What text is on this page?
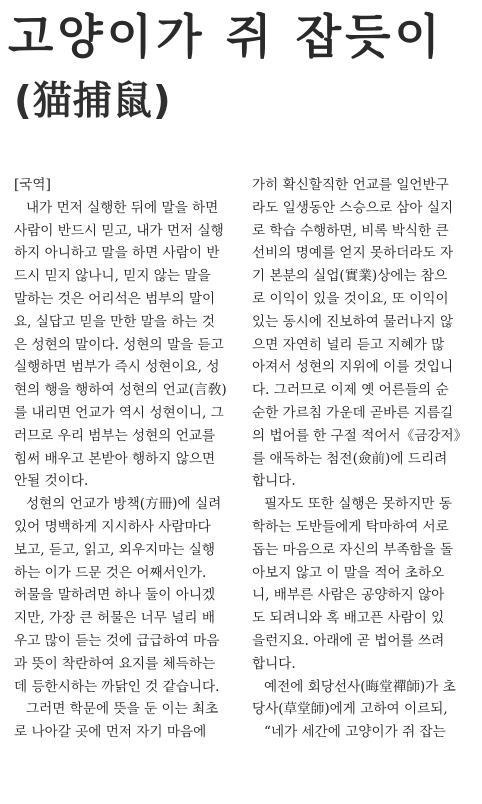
고양이가 쥐 잡듯이
(猫捕鼠)

[국역]

내가 먼저 실행한 뒤에 말을 하면

사람이 반드시 믿고, 내가 먼저 실행

하지 아니하고 말을 하면 사람이 반

드시 믿지 않나니, 믿지 않는 말을

말하는 것은 어리석은 범부의 말이

요, 실답고 믿을 만한 말을 하는 것

은 성현의 말이다. 성현의 말을 듣고

실행하면 범부가 즉시 성현이요, 성

현의 행을 행하여 성현의 언교(言敎)

를 내리면 언교가 역시 성현이니, 그

러므로 우리 범부는 성현의 언교를

힘써 배우고 본받아 행하지 않으면

안될 것이다.

성현의 언교가 방책(方冊)에 실려

있어 명백하게 지시하사 사람마다

보고, 듣고, 읽고, 외우지마는 실행

하는 이가 드문 것은 어째서인가.

허물을 말하려면 하나 둘이 아니겠

지만, 가장 큰 허물은 너무 널리 배

우고 많이 듣는 것에 급급하여 마음

과 뜻이 착란하여 요지를 체득하는

데 등한시하는 까닭인 것 같습니다.

그러면 학문에 뜻을 둔 이는 최초

로 나아갈 곳에 먼저 자기 마음에

가히 확신할직한 언교를 일언반구

라도 일생동안 스승으로 삼아 실지

로 학습 수행하면, 비록 박식한 큰

선비의 명예를 얻지 못하더라도 자

기 본분의 실업(實業)상에는 참으

로 이익이 있을 것이요, 또 이익이

있는 동시에 진보하여 물러나지 않

으면 자연히 널리 듣고 지혜가 많

아져서 성현의 지위에 이를 것입니

다. 그러므로 이제 옛 어른들의 순

순한 가르침 가운데 곧바른 지름길

의 법어를 한 구절 적어서《금강저》

를 애독하는 첨전(僉前)에 드리려

합니다.

필자도 또한 실행은 못하지만 동

학하는 도반들에게 탁마하여 서로

돕는 마음으로 자신의 부족함을 돌

아보지 않고 이 말을 적어 초하오

니, 배부른 사람은 공양하지 않아

도 되려니와 혹 배고픈 사람이 있

을런지요. 아래에 곧 법어를 쓰려

합니다.

예전에 회당선사(晦堂禪師)가 초

당사(草堂師)에게 고하여 이르되,

“네가 세간에 고양이가 쥐 잡는
